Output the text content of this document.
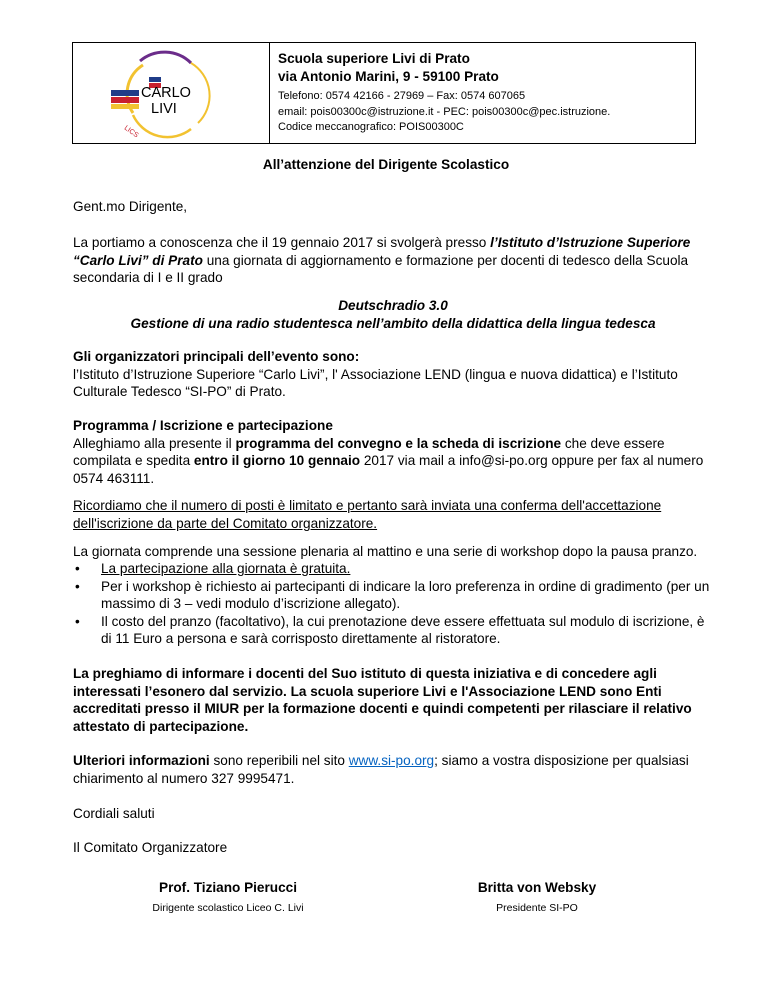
CARLO
LIVI
LICS
Scuola superiore Livi di Prato
via Antonio Marini, 9 - 59100 Prato
Telefono: 0574 42166 - 27969 – Fax: 0574 607065
email: pois00300c@istruzione.it - PEC: pois00300c@pec.istruzione.
Codice meccanografico: POIS00300C

All’attenzione del Dirigente Scolastico

Gent.mo Dirigente,

La portiamo a conoscenza che il 19 gennaio 2017 si svolgerà presso l’Istituto d’Istruzione Superiore “Carlo Livi” di Prato una giornata di aggiornamento e formazione per docenti di tedesco della Scuola secondaria di I e II grado

Deutschradio 3.0

Gestione di una radio studentesca nell’ambito della didattica della lingua tedesca

Gli organizzatori principali dell’evento sono:

l’Istituto d’Istruzione Superiore “Carlo Livi”, l' Associazione LEND (lingua e nuova didattica) e l’Istituto Culturale Tedesco “SI-PO” di Prato.

Programma / Iscrizione e partecipazione

Alleghiamo alla presente il programma del convegno e la scheda di iscrizione che deve essere compilata e spedita entro il giorno 10 gennaio 2017 via mail a info@si-po.org oppure per fax al numero 0574 463111.

Ricordiamo che il numero di posti è limitato e pertanto sarà inviata una conferma dell'accettazione dell'iscrizione da parte del Comitato organizzatore.

La giornata comprende una sessione plenaria al mattino e una serie di workshop dopo la pausa pranzo.

• La partecipazione alla giornata è gratuita.
• Per i workshop è richiesto ai partecipanti di indicare la loro preferenza in ordine di gradimento (per un massimo di 3 – vedi modulo d’iscrizione allegato).
• Il costo del pranzo (facoltativo), la cui prenotazione deve essere effettuata sul modulo di iscrizione, è di 11 Euro a persona e sarà corrisposto direttamente al ristoratore.

La preghiamo di informare i docenti del Suo istituto di questa iniziativa e di concedere agli interessati l’esonero dal servizio. La scuola superiore Livi e l'Associazione LEND sono Enti accreditati presso il MIUR per la formazione docenti e quindi competenti per rilasciare il relativo attestato di partecipazione.

Ulteriori informazioni sono reperibili nel sito www.si-po.org; siamo a vostra disposizione per qualsiasi chiarimento al numero 327 9995471.

Cordiali saluti

Il Comitato Organizzatore

Prof. Tiziano Pierucci
Dirigente scolastico Liceo C. Livi
Britta von Websky
Presidente SI-PO
